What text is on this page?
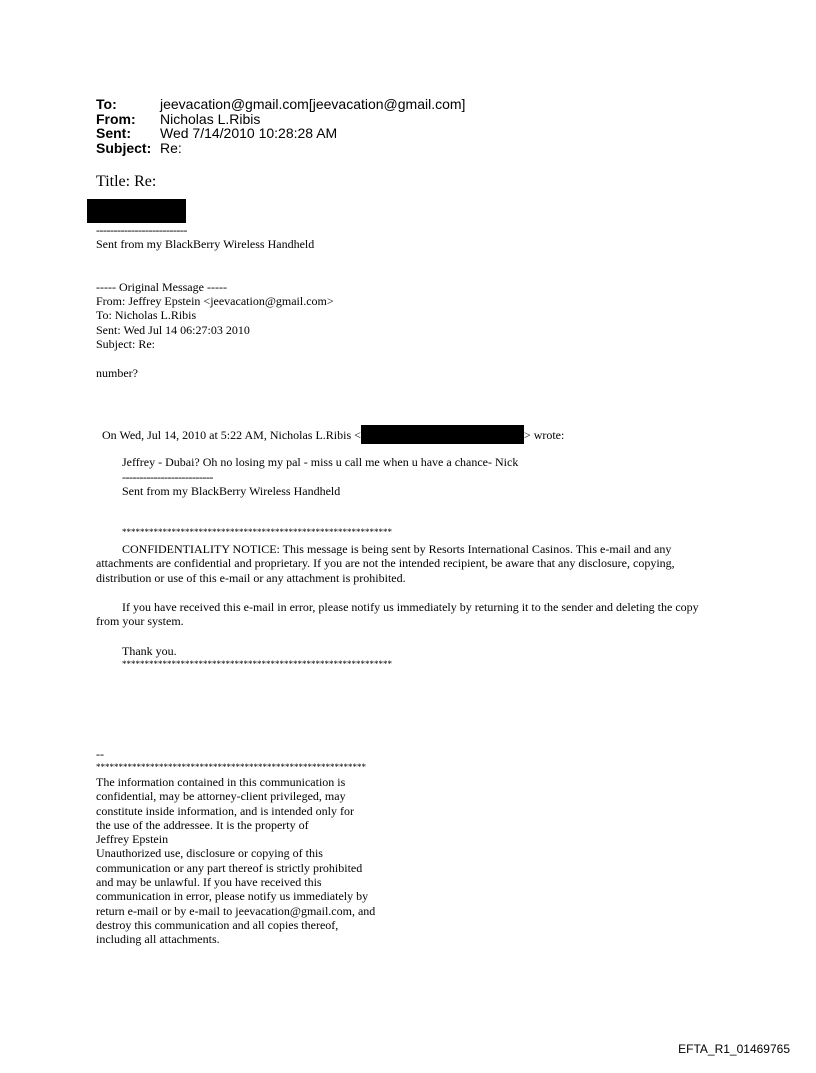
To:	jeevacation@gmail.com[jeevacation@gmail.com]
From:	Nicholas L.Ribis
Sent:	Wed 7/14/2010 10:28:28 AM
Subject: Re:
Title: Re:
--------------------------
Sent from my BlackBerry Wireless Handheld
----- Original Message -----
From: Jeffrey Epstein <jeevacation@gmail.com>
To: Nicholas L.Ribis
Sent: Wed Jul 14 06:27:03 2010
Subject: Re:
number?

On Wed, Jul 14, 2010 at 5:22 AM, Nicholas L.Ribis <	> wrote:

Jeffrey - Dubai? Oh no losing my pal - miss u call me when u have a chance- Nick
--------------------------
Sent from my BlackBerry Wireless Handheld
************************************************************
CONFIDENTIALITY NOTICE: This message is being sent by Resorts International Casinos. This e-mail and any attachments are confidential and proprietary. If you are not the intended recipient, be aware that any disclosure, copying, distribution or use of this e-mail or any attachment is prohibited.
If you have received this e-mail in error, please notify us immediately by returning it to the sender and deleting the copy from your system.
Thank you.
************************************************************
--
************************************************************
The information contained in this communication is
confidential, may be attorney-client privileged, may
constitute inside information, and is intended only for
the use of the addressee. It is the property of
Jeffrey Epstein
Unauthorized use, disclosure or copying of this
communication or any part thereof is strictly prohibited
and may be unlawful. If you have received this
communication in error, please notify us immediately by
return e-mail or by e-mail to jeevacation@gmail.com, and
destroy this communication and all copies thereof,
including all attachments.
EFTA_R1_01469765
